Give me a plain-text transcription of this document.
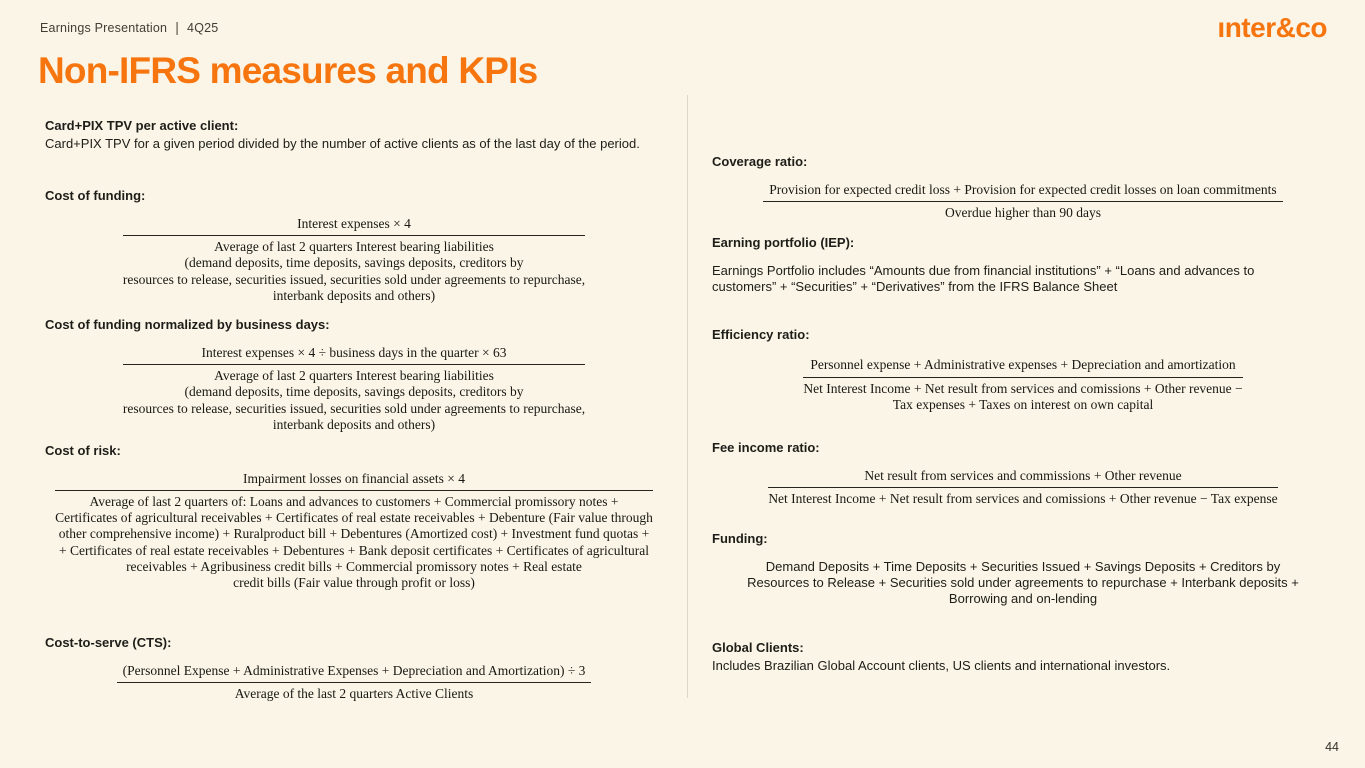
Earnings Presentation | 4Q25	ınter&co
Non-IFRS measures and KPIs
Card+PIX TPV per active client:
Card+PIX TPV for a given period divided by the number of active clients as of the last day of the period.
Cost of funding:
Interest expenses × 4
Average of last 2 quarters Interest bearing liabilities
(demand deposits, time deposits, savings deposits, creditors by
resources to release, securities issued, securities sold under agreements to repurchase,
interbank deposits and others)
Cost of funding normalized by business days:
Interest expenses × 4 ÷ business days in the quarter × 63
Average of last 2 quarters Interest bearing liabilities
(demand deposits, time deposits, savings deposits, creditors by
resources to release, securities issued, securities sold under agreements to repurchase,
interbank deposits and others)
Cost of risk:
Impairment losses on financial assets × 4
Average of last 2 quarters of: Loans and advances to customers + Commercial promissory notes +
Certificates of agricultural receivables + Certificates of real estate receivables + Debenture (Fair value through
other comprehensive income) + Ruralproduct bill + Debentures (Amortized cost) + Investment fund quotas +
+ Certificates of real estate receivables + Debentures + Bank deposit certificates + Certificates of agricultural
receivables + Agribusiness credit bills + Commercial promissory notes + Real estate
credit bills (Fair value through profit or loss)
Cost-to-serve (CTS):
(Personnel Expense + Administrative Expenses + Depreciation and Amortization) ÷ 3
Average of the last 2 quarters Active Clients
Coverage ratio:
Provision for expected credit loss + Provision for expected credit losses on loan commitments
Overdue higher than 90 days
Earning portfolio (IEP):
Earnings Portfolio includes “Amounts due from financial institutions” + “Loans and advances to customers” + “Securities” + “Derivatives” from the IFRS Balance Sheet
Efficiency ratio:
Personnel expense + Administrative expenses + Depreciation and amortization
Net Interest Income + Net result from services and comissions + Other revenue −
Tax expenses + Taxes on interest on own capital
Fee income ratio:
Net result from services and commissions + Other revenue
Net Interest Income + Net result from services and comissions + Other revenue − Tax expense
Funding:
Demand Deposits + Time Deposits + Securities Issued + Savings Deposits + Creditors by
Resources to Release + Securities sold under agreements to repurchase + Interbank deposits +
Borrowing and on-lending
Global Clients:
Includes Brazilian Global Account clients, US clients and international investors.
44
